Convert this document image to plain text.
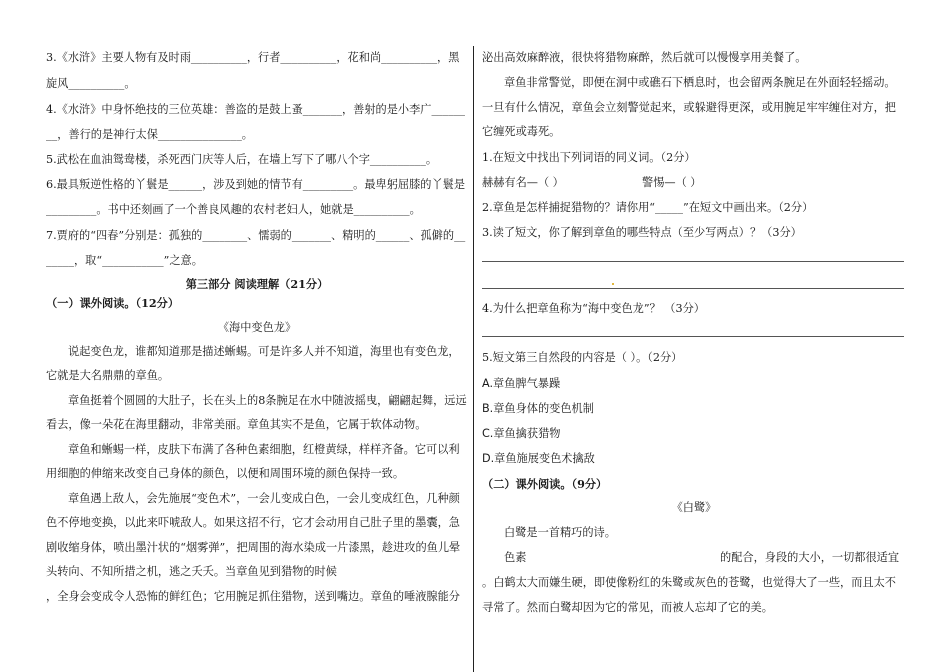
3.《水浒》主要人物有及时雨__________，行者__________，花和尚__________，黑
旋风__________。
4.《水浒》中身怀绝技的三位英雄：善盗的是鼓上蚤_______，善射的是小李广______
__，善行的是神行太保_______________。
5.武松在血油鸳鸯楼，杀死西门庆等人后，在墙上写下了哪八个字__________。
6.最具叛逆性格的丫鬟是______，涉及到她的情节有_________。最卑躬屈膝的丫鬟是
_________。书中还刻画了一个善良风趣的农村老妇人，她就是__________。
7.贾府的“四春”分别是：孤独的________、懦弱的_______、精明的______、孤僻的__
_____，取“___________”之意。
第三部分 阅读理解（21分）
（一）课外阅读。（12分）
《海中变色龙》
说起变色龙，谁都知道那是描述蜥蜴。可是许多人并不知道，海里也有变色龙，
它就是大名鼎鼎的章鱼。
章鱼挺着个圆圆的大肚子，长在头上的8条腕足在水中随波摇曳，翩翩起舞，远远
看去，像一朵花在海里翻动，非常美丽。章鱼其实不是鱼，它属于软体动物。
章鱼和蜥蜴一样，皮肤下布满了各种色素细胞，红橙黄绿，样样齐备。它可以利
用细胞的伸缩来改变自己身体的颜色，以便和周围环境的颜色保持一致。
章鱼遇上敌人，会先施展“变色术”，一会儿变成白色，一会儿变成红色，几种颜
色不停地变换，以此来吓唬敌人。如果这招不行，它才会动用自己肚子里的墨囊，急
剧收缩身体，喷出墨汁状的“烟雾弹”，把周围的海水染成一片漆黑，趁进攻的鱼儿晕
头转向、不知所措之机，逃之夭夭。当章鱼见到猎物的时候
，全身会变成令人恐怖的鲜红色；它用腕足抓住猎物，送到嘴边。章鱼的唾液腺能分
泌出高效麻醉液，很快将猎物麻醉，然后就可以慢慢享用美餐了。
章鱼非常警觉，即便在洞中或礁石下栖息时，也会留两条腕足在外面轻轻摇动。
一旦有什么情况，章鱼会立刻警觉起来，或躲避得更深，或用腕足牢牢缠住对方，把
它缠死或毒死。
1.在短文中找出下列词语的同义词。（2分）
赫赫有名—（ ）	警惕—（ ）
2.章鱼是怎样捕捉猎物的？请你用“_____”在短文中画出来。（2分）
3.读了短文，你了解到章鱼的哪些特点（至少写两点）？（3分）
4.为什么把章鱼称为“海中变色龙”？ （3分）
5.短文第三自然段的内容是（ ）。（2分）
A.章鱼脾气暴躁
B.章鱼身体的变色机制
C.章鱼擒获猎物
D.章鱼施展变色术擒敌
（二）课外阅读。（9分）
《白鹭》
白鹭是一首精巧的诗。
色素	的配合，身段的大小，一切都很适宜
。白鹤太大而嫌生硬，即使像粉红的朱鹭或灰色的苍鹭，也觉得大了一些，而且太不
寻常了。然而白鹭却因为它的常见，而被人忘却了它的美。
